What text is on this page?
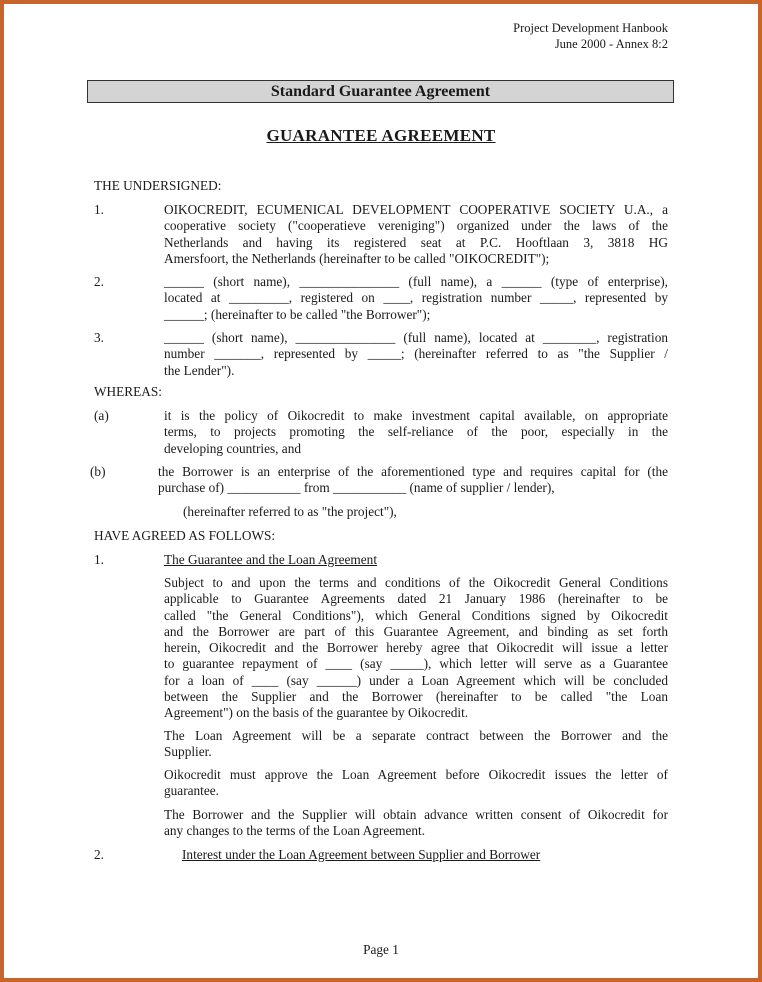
Project Development Hanbook
June 2000 - Annex 8:2
Standard Guarantee Agreement
GUARANTEE AGREEMENT
THE UNDERSIGNED:
1.	OIKOCREDIT, ECUMENICAL DEVELOPMENT COOPERATIVE SOCIETY U.A., a
cooperative society ("cooperatieve vereniging") organized under the laws of the
Netherlands and having its registered seat at P.C. Hooftlaan 3, 3818 HG
Amersfoort, the Netherlands (hereinafter to be called "OIKOCREDIT");
2.	______ (short name), _______________ (full name), a ______ (type of enterprise),
located at _________, registered on ____, registration number _____, represented by
______; (hereinafter to be called "the Borrower");
3.	______ (short name), _______________ (full name), located at ________, registration
number _______, represented by _____; (hereinafter referred to as "the Supplier /
the Lender").
WHEREAS:
(a)	it is the policy of Oikocredit to make investment capital available, on appropriate
terms, to projects promoting the self-reliance of the poor, especially in the
developing countries, and
(b)	the Borrower is an enterprise of the aforementioned type and requires capital for (the
purchase of) ___________ from ___________ (name of supplier / lender),
(hereinafter referred to as "the project"),
HAVE AGREED AS FOLLOWS:
1.	The Guarantee and the Loan Agreement
Subject to and upon the terms and conditions of the Oikocredit General Conditions
applicable to Guarantee Agreements dated 21 January 1986 (hereinafter to be
called "the General Conditions"), which General Conditions signed by Oikocredit
and the Borrower are part of this Guarantee Agreement, and binding as set forth
herein, Oikocredit and the Borrower hereby agree that Oikocredit will issue a letter
to guarantee repayment of ____ (say _____), which letter will serve as a Guarantee
for a loan of ____ (say ______) under a Loan Agreement which will be concluded
between the Supplier and the Borrower (hereinafter to be called "the Loan
Agreement") on the basis of the guarantee by Oikocredit.
The Loan Agreement will be a separate contract between the Borrower and the
Supplier.
Oikocredit must approve the Loan Agreement before Oikocredit issues the letter of
guarantee.
The Borrower and the Supplier will obtain advance written consent of Oikocredit for
any changes to the terms of the Loan Agreement.
2.	Interest under the Loan Agreement between Supplier and Borrower
Page 1
